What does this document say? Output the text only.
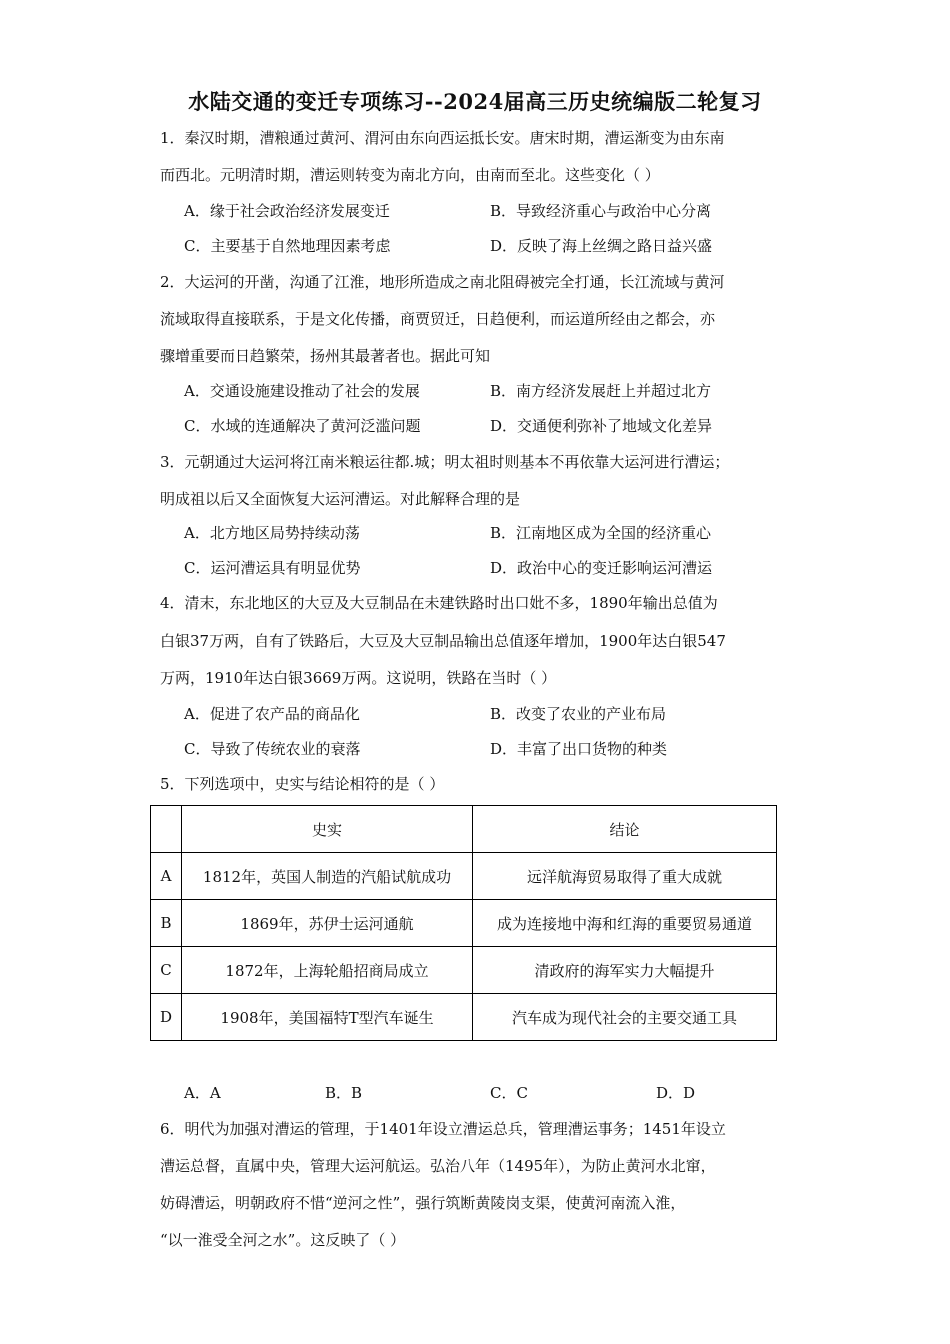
水陆交通的变迁专项练习--2024届高三历史统编版二轮复习
1．秦汉时期，漕粮通过黄河、渭河由东向西运抵长安。唐宋时期，漕运渐变为由东南
而西北。元明清时期，漕运则转变为南北方向，由南而至北。这些变化（ ）
A．缘于社会政治经济发展变迁	B．导致经济重心与政治中心分离
C．主要基于自然地理因素考虑	D．反映了海上丝绸之路日益兴盛
2．大运河的开凿，沟通了江淮，地形所造成之南北阻碍被完全打通，长江流域与黄河
流域取得直接联系，于是文化传播，商贾贸迁，日趋便利，而运道所经由之都会，亦
骤增重要而日趋繁荣，扬州其最著者也。据此可知
A．交通设施建设推动了社会的发展	B．南方经济发展赶上并超过北方
C．水域的连通解决了黄河泛滥问题	D．交通便利弥补了地域文化差异
3．元朝通过大运河将江南米粮运往都.城；明太祖时则基本不再依靠大运河进行漕运；
明成祖以后又全面恢复大运河漕运。对此解释合理的是
A．北方地区局势持续动荡	B．江南地区成为全国的经济重心
C．运河漕运具有明显优势	D．政治中心的变迁影响运河漕运
4．清末，东北地区的大豆及大豆制品在未建铁路时出口妣不多，1890年输出总值为
白银37万两，自有了铁路后，大豆及大豆制品输出总值逐年增加，1900年达白银547
万两，1910年达白银3669万两。这说明，铁路在当时（ ）
A．促进了农产品的商品化	B．改变了农业的产业布局
C．导致了传统农业的衰落	D．丰富了出口货物的种类
5．下列选项中，史实与结论相符的是（ ）
	史实	结论
A	1812年，英国人制造的汽船试航成功	远洋航海贸易取得了重大成就
B	1869年，苏伊士运河通航	成为连接地中海和红海的重要贸易通道
C	1872年，上海轮船招商局成立	清政府的海军实力大幅提升
D	1908年，美国福特T型汽车诞生	汽车成为现代社会的主要交通工具
A．A	B．B	C．C	D．D
6．明代为加强对漕运的管理，于1401年设立漕运总兵，管理漕运事务；1451年设立
漕运总督，直属中央，管理大运河航运。弘治八年（1495年），为防止黄河水北窜，
妨碍漕运，明朝政府不惜“逆河之性”，强行筑断黄陵岗支渠，使黄河南流入淮，
“以一淮受全河之水”。这反映了（ ）
